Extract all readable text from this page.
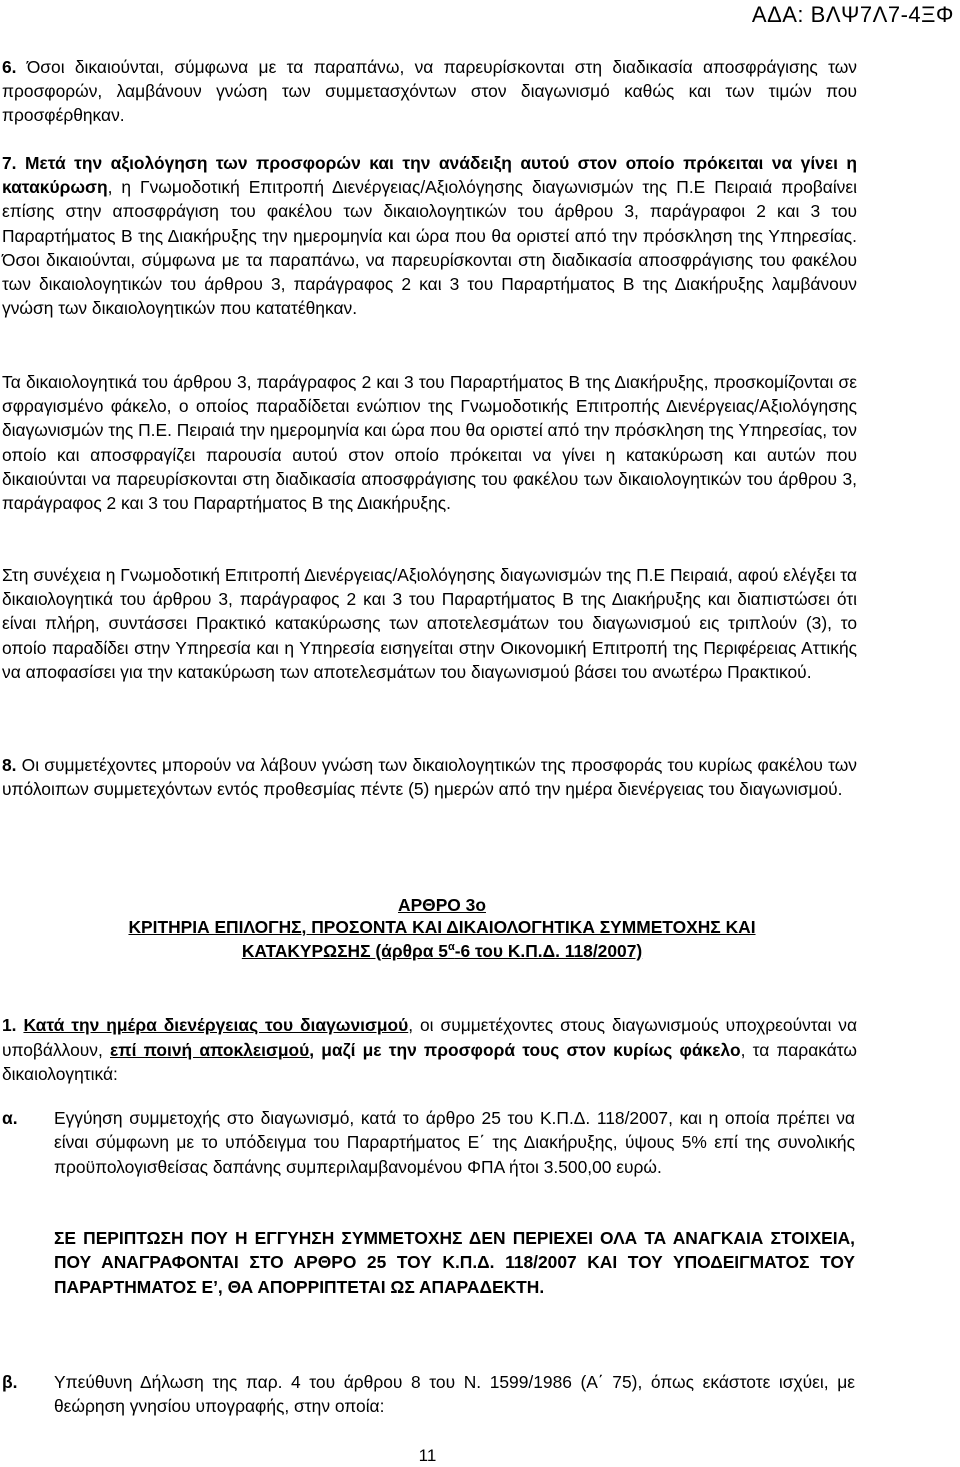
ΑΔΑ: ΒΛΨ7Λ7-4ΞΦ
6. Όσοι δικαιούνται, σύμφωνα με τα παραπάνω, να παρευρίσκονται στη διαδικασία αποσφράγισης των προσφορών, λαμβάνουν γνώση των συμμετασχόντων στον διαγωνισμό καθώς και των τιμών που προσφέρθηκαν.
7. Μετά την αξιολόγηση των προσφορών και την ανάδειξη αυτού στον οποίο πρόκειται να γίνει η κατακύρωση, η Γνωμοδοτική Επιτροπή Διενέργειας/Αξιολόγησης διαγωνισμών της Π.Ε Πειραιά προβαίνει επίσης στην αποσφράγιση του φακέλου των δικαιολογητικών του άρθρου 3, παράγραφοι 2 και 3 του Παραρτήματος Β της Διακήρυξης την ημερομηνία και ώρα που θα οριστεί από την πρόσκληση της Υπηρεσίας. Όσοι δικαιούνται, σύμφωνα με τα παραπάνω, να παρευρίσκονται στη διαδικασία αποσφράγισης του φακέλου των δικαιολογητικών του άρθρου 3, παράγραφος 2 και 3 του Παραρτήματος Β της Διακήρυξης λαμβάνουν γνώση των δικαιολογητικών που κατατέθηκαν.
Τα δικαιολογητικά του άρθρου 3, παράγραφος 2 και 3 του Παραρτήματος Β της Διακήρυξης, προσκομίζονται σε σφραγισμένο φάκελο, ο οποίος παραδίδεται ενώπιον της Γνωμοδοτικής Επιτροπής Διενέργειας/Αξιολόγησης διαγωνισμών της Π.Ε. Πειραιά την ημερομηνία και ώρα που θα οριστεί από την πρόσκληση της Υπηρεσίας, τον οποίο και αποσφραγίζει παρουσία αυτού στον οποίο πρόκειται να γίνει η κατακύρωση και αυτών που δικαιούνται να παρευρίσκονται στη διαδικασία αποσφράγισης του φακέλου των δικαιολογητικών του άρθρου 3, παράγραφος 2 και 3 του Παραρτήματος Β της Διακήρυξης.
Στη συνέχεια η Γνωμοδοτική Επιτροπή Διενέργειας/Αξιολόγησης διαγωνισμών της Π.Ε Πειραιά, αφού ελέγξει τα δικαιολογητικά του άρθρου 3, παράγραφος 2 και 3 του Παραρτήματος Β της Διακήρυξης και διαπιστώσει ότι είναι πλήρη, συντάσσει Πρακτικό κατακύρωσης των αποτελεσμάτων του διαγωνισμού εις τριπλούν (3), το οποίο παραδίδει στην Υπηρεσία και η Υπηρεσία εισηγείται στην Οικονομική Επιτροπή της Περιφέρειας Αττικής να αποφασίσει για την κατακύρωση των αποτελεσμάτων του διαγωνισμού βάσει του ανωτέρω Πρακτικού.
8. Οι συμμετέχοντες μπορούν να λάβουν γνώση των δικαιολογητικών της προσφοράς του κυρίως φακέλου των υπόλοιπων συμμετεχόντων εντός προθεσμίας πέντε (5) ημερών από την ημέρα διενέργειας του διαγωνισμού.
ΑΡΘΡΟ 3ο
ΚΡΙΤΗΡΙΑ ΕΠΙΛΟΓΗΣ, ΠΡΟΣΟΝΤΑ ΚΑΙ ΔΙΚΑΙΟΛΟΓΗΤΙΚΑ ΣΥΜΜΕΤΟΧΗΣ ΚΑΙ
ΚΑΤΑΚΥΡΩΣΗΣ (άρθρα $5^\alpha-6$ του Κ.Π.Δ. 118/2007)
1. Κατά την ημέρα διενέργειας του διαγωνισμού, οι συμμετέχοντες στους διαγωνισμούς υποχρεούνται να υποβάλλουν, επί ποινή αποκλεισμού, μαζί με την προσφορά τους στον κυρίως φάκελο, τα παρακάτω δικαιολογητικά:
α. Εγγύηση συμμετοχής στο διαγωνισμό, κατά το άρθρο 25 του Κ.Π.Δ. 118/2007, και η οποία πρέπει να είναι σύμφωνη με το υπόδειγμα του Παραρτήματος Ε΄ της Διακήρυξης, ύψους 5% επί της συνολικής προϋπολογισθείσας δαπάνης συμπεριλαμβανομένου ΦΠΑ ήτοι 3.500,00 ευρώ.
ΣΕ ΠΕΡΙΠΤΩΣΗ ΠΟΥ Η ΕΓΓΥΗΣΗ ΣΥΜΜΕΤΟΧΗΣ ΔΕΝ ΠΕΡΙΕΧΕΙ ΟΛΑ ΤΑ ΑΝΑΓΚΑΙΑ ΣΤΟΙΧΕΙΑ, ΠΟΥ ΑΝΑΓΡΑΦΟΝΤΑΙ ΣΤΟ ΑΡΘΡΟ 25 ΤΟΥ Κ.Π.Δ. 118/2007 ΚΑΙ ΤΟΥ ΥΠΟΔΕΙΓΜΑΤΟΣ ΤΟΥ ΠΑΡΑΡΤΗΜΑΤΟΣ Ε’, ΘΑ ΑΠΟΡΡΙΠΤΕΤΑΙ ΩΣ ΑΠΑΡΑΔΕΚΤΗ.
β. Υπεύθυνη Δήλωση της παρ. 4 του άρθρου 8 του Ν. 1599/1986 (Α΄ 75), όπως εκάστοτε ισχύει, με θεώρηση γνησίου υπογραφής, στην οποία:
11
